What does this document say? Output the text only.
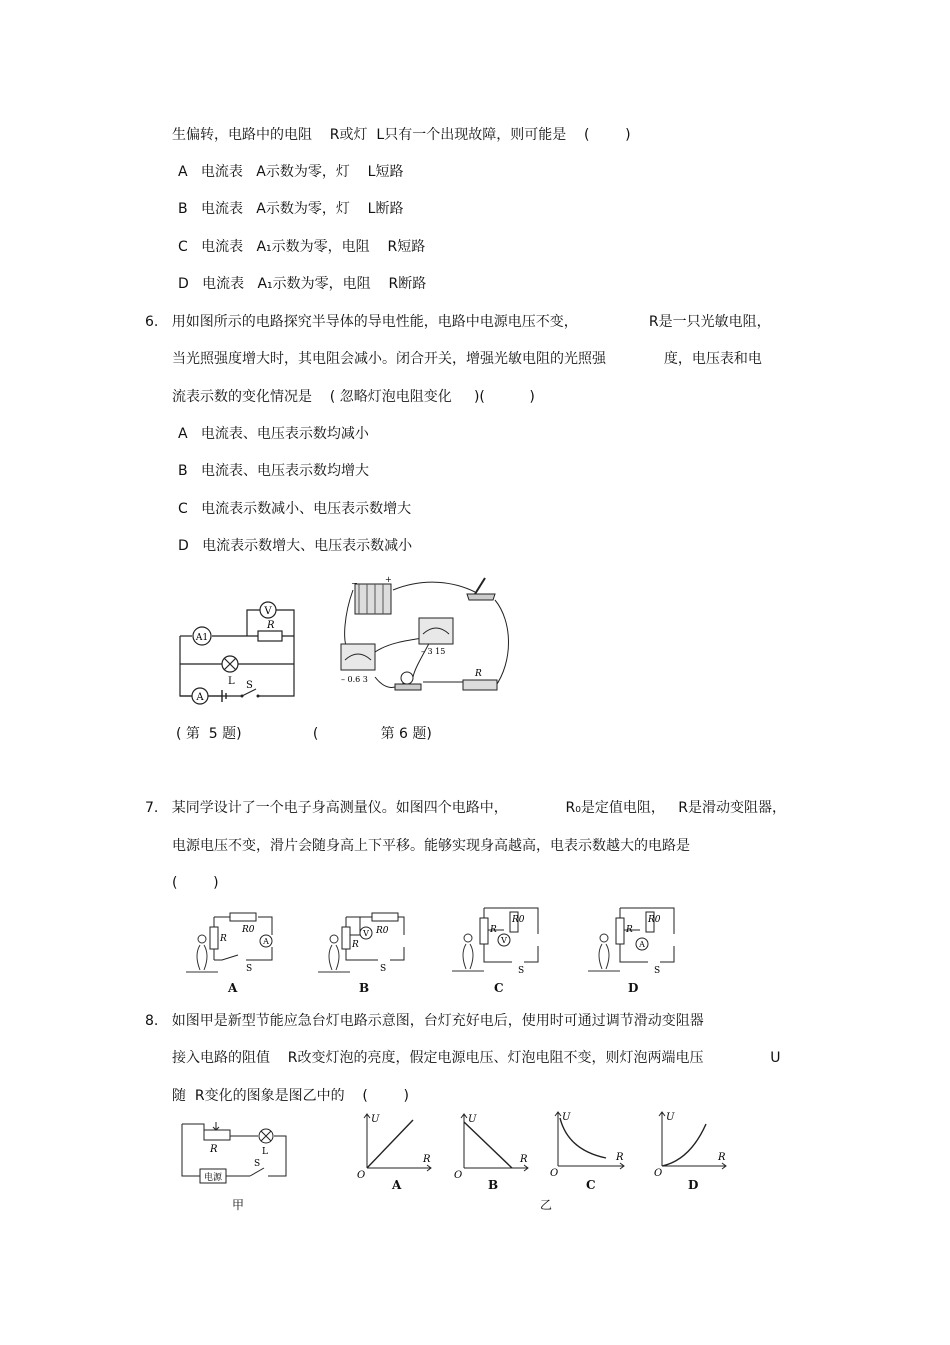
生偏转，电路中的电阻    R或灯  L只有一个出现故障，则可能是    (        )
A   电流表   A示数为零，灯    L短路
B   电流表   A示数为零，灯    L断路
C   电流表   A₁示数为零，电阻    R短路
D   电流表   A₁示数为零，电阻    R断路
6.   用如图所示的电路探究半导体的导电性能，电路中电源电压不变，                R是一只光敏电阻，
当光照强度增大时，其电阻会减小。闭合开关，增强光敏电阻的光照强             度，电压表和电
流表示数的变化情况是    ( 忽略灯泡电阻变化     )(          )
A   电流表、电压表示数均减小
B   电流表、电压表示数均增大
C   电流表示数减小、电压表示数增大
D   电流表示数增大、电压表示数减小
V
R
A1
L
A
S
−	+
– 3 15
– 0.6 3
R
( 第  5 题)                (              第 6 题)
7.   某同学设计了一个电子身高测量仪。如图四个电路中，             R₀是定值电阻，   R是滑动变阻器，
电源电压不变，滑片会随身高上下平移。能够实现身高越高，电表示数越大的电路是
(        )
R0
R	A
S
A
R0
R
V
S
B
R0
R
V
S
C
R0
R
A
S
D
8.   如图甲是新型节能应急台灯电路示意图，台灯充好电后，使用时可通过调节滑动变阻器
接入电路的阻值    R改变灯泡的亮度，假定电源电压、灯泡电阻不变，则灯泡两端电压               U
随  R变化的图象是图乙中的    (        )
R	L
电源
S
甲
U
R
O
A
U
R
O
B
U
R
O
C
U
R
O
D
乙
